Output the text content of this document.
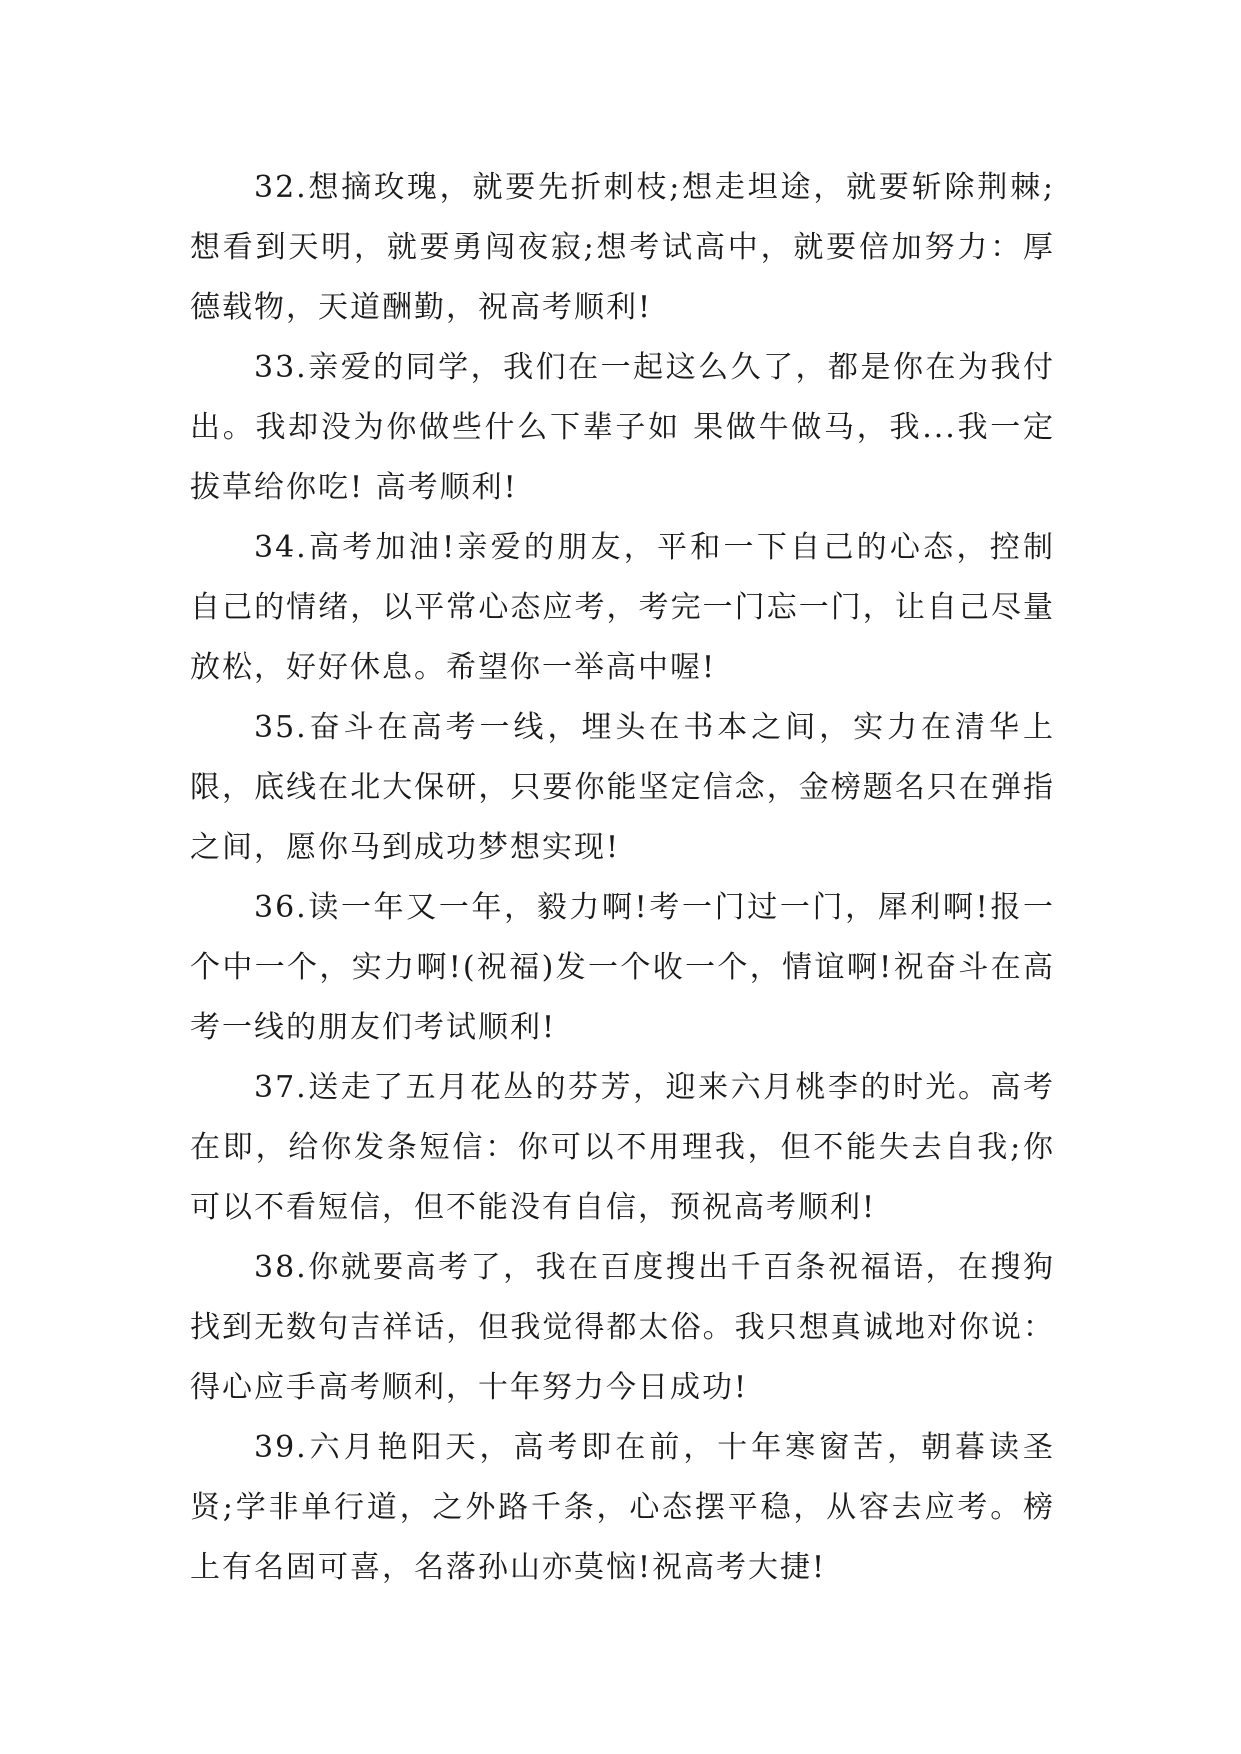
32.想摘玫瑰，就要先折刺枝;想走坦途，就要斩除荆棘;想看到天明，就要勇闯夜寂;想考试高中，就要倍加努力：厚德载物，天道酬勤，祝高考顺利!

33.亲爱的同学，我们在一起这么久了，都是你在为我付出。我却没为你做些什么下辈子如 果做牛做马，我...我一定拔草给你吃! 高考顺利!

34.高考加油!亲爱的朋友，平和一下自己的心态，控制自己的情绪，以平常心态应考，考完一门忘一门，让自己尽量放松，好好休息。希望你一举高中喔!

35.奋斗在高考一线，埋头在书本之间，实力在清华上限，底线在北大保研，只要你能坚定信念，金榜题名只在弹指之间，愿你马到成功梦想实现!

36.读一年又一年，毅力啊!考一门过一门，犀利啊!报一个中一个，实力啊!(祝福)发一个收一个，情谊啊!祝奋斗在高考一线的朋友们考试顺利!

37.送走了五月花丛的芬芳，迎来六月桃李的时光。高考在即，给你发条短信：你可以不用理我，但不能失去自我;你可以不看短信，但不能没有自信，预祝高考顺利!

38.你就要高考了，我在百度搜出千百条祝福语，在搜狗找到无数句吉祥话，但我觉得都太俗。我只想真诚地对你说：得心应手高考顺利，十年努力今日成功!

39.六月艳阳天，高考即在前，十年寒窗苦，朝暮读圣贤;学非单行道，之外路千条，心态摆平稳，从容去应考。榜上有名固可喜，名落孙山亦莫恼!祝高考大捷!
